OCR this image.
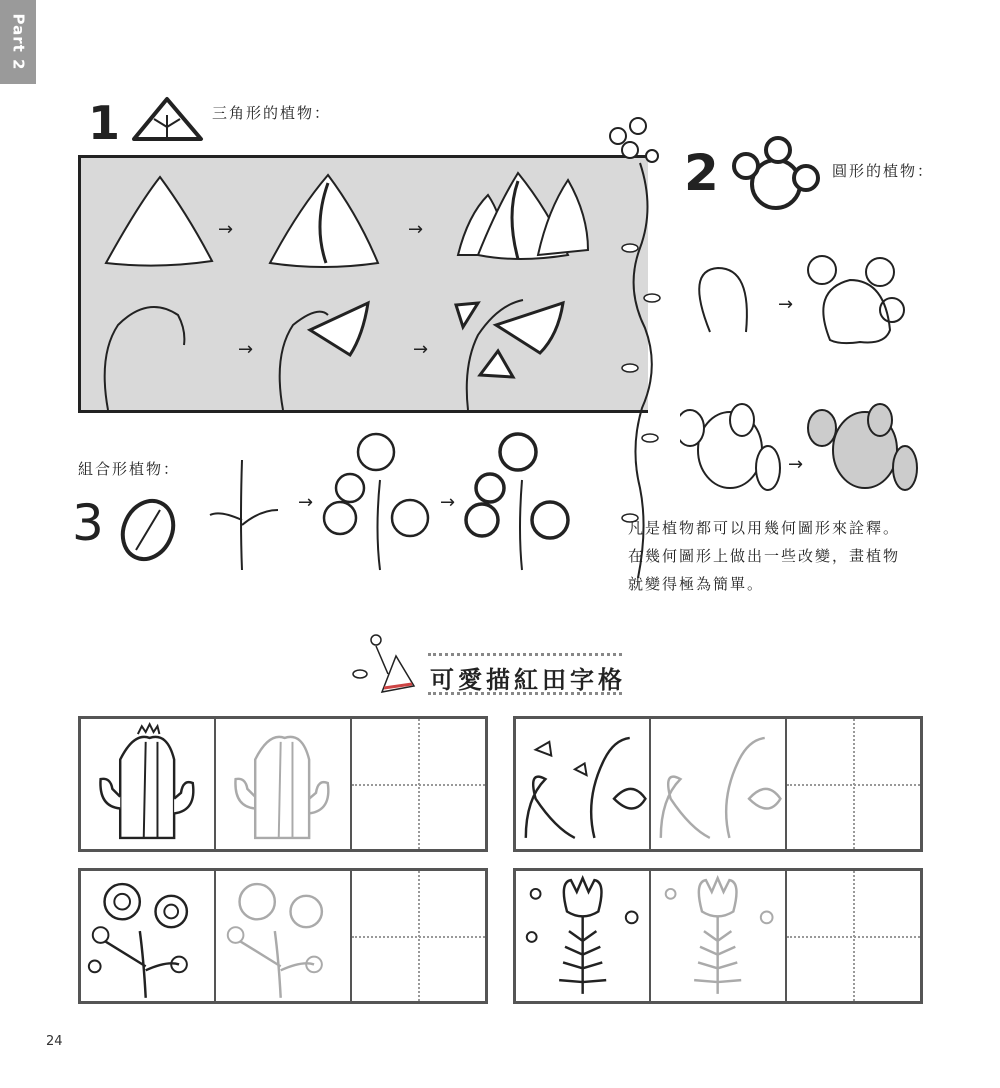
Part 2
1	三角形的植物：
→	→
→	→
2	圓形的植物：
→
→
組合形植物：
3	→	→
凡是植物都可以用幾何圖形來詮釋。
在幾何圖形上做出一些改變，畫植物
就變得極為簡單。
可愛描紅田字格
24
